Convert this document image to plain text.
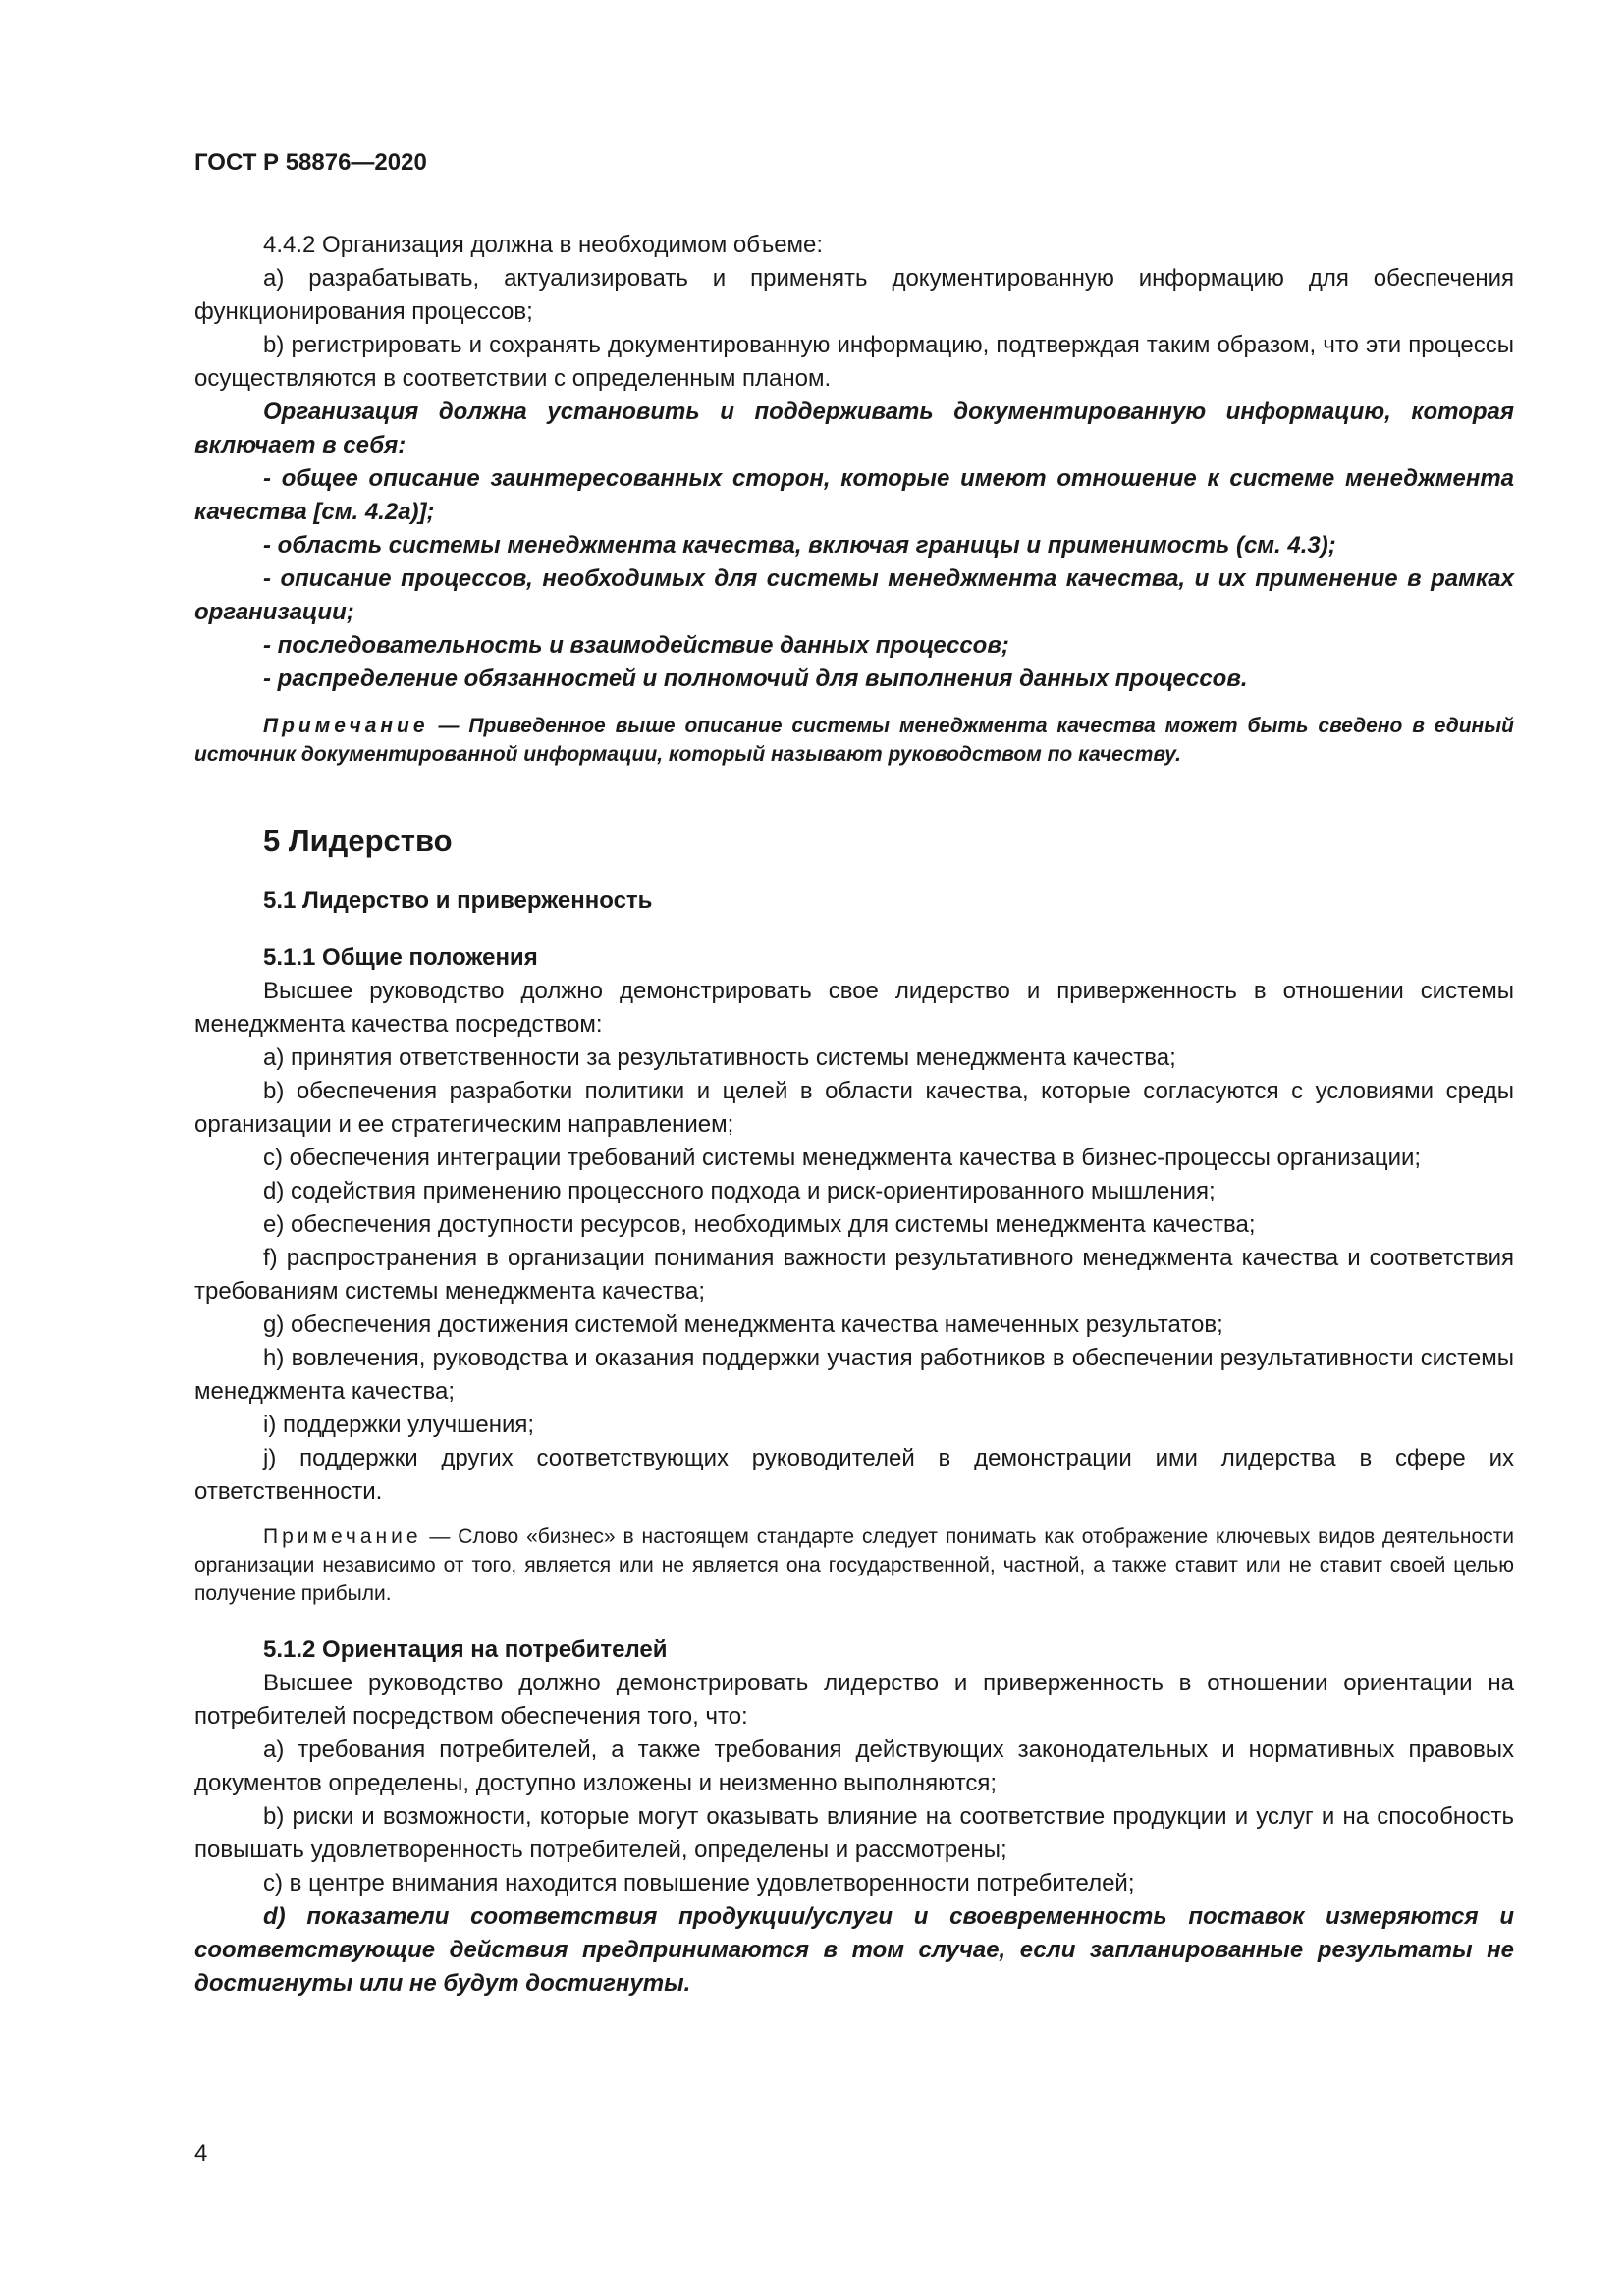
ГОСТ Р 58876—2020

4.4.2 Организация должна в необходимом объеме:

а) разрабатывать, актуализировать и применять документированную информацию для обеспечения функционирования процессов;

b) регистрировать и сохранять документированную информацию, подтверждая таким образом, что эти процессы осуществляются в соответствии с определенным планом.

Организация должна установить и поддерживать документированную информацию, которая включает в себя:

- общее описание заинтересованных сторон, которые имеют отношение к системе менеджмента качества [см. 4.2а)];

- область системы менеджмента качества, включая границы и применимость (см. 4.3);

- описание процессов, необходимых для системы менеджмента качества, и их применение в рамках организации;

- последовательность и взаимодействие данных процессов;

- распределение обязанностей и полномочий для выполнения данных процессов.

Примечание — Приведенное выше описание системы менеджмента качества может быть сведено в единый источник документированной информации, который называют руководством по качеству.

5 Лидерство
5.1 Лидерство и приверженность
5.1.1 Общие положения

Высшее руководство должно демонстрировать свое лидерство и приверженность в отношении системы менеджмента качества посредством:

а) принятия ответственности за результативность системы менеджмента качества;

b) обеспечения разработки политики и целей в области качества, которые согласуются с условиями среды организации и ее стратегическим направлением;

с) обеспечения интеграции требований системы менеджмента качества в бизнес-процессы организации;

d) содействия применению процессного подхода и риск-ориентированного мышления;

е) обеспечения доступности ресурсов, необходимых для системы менеджмента качества;

f) распространения в организации понимания важности результативного менеджмента качества и соответствия требованиям системы менеджмента качества;

g) обеспечения достижения системой менеджмента качества намеченных результатов;

h) вовлечения, руководства и оказания поддержки участия работников в обеспечении результативности системы менеджмента качества;

i) поддержки улучшения;

j) поддержки других соответствующих руководителей в демонстрации ими лидерства в сфере их ответственности.

Примечание — Слово «бизнес» в настоящем стандарте следует понимать как отображение ключевых видов деятельности организации независимо от того, является или не является она государственной, частной, а также ставит или не ставит своей целью получение прибыли.

5.1.2 Ориентация на потребителей

Высшее руководство должно демонстрировать лидерство и приверженность в отношении ориентации на потребителей посредством обеспечения того, что:

а) требования потребителей, а также требования действующих законодательных и нормативных правовых документов определены, доступно изложены и неизменно выполняются;

b) риски и возможности, которые могут оказывать влияние на соответствие продукции и услуг и на способность повышать удовлетворенность потребителей, определены и рассмотрены;

с) в центре внимания находится повышение удовлетворенности потребителей;

d) показатели соответствия продукции/услуги и своевременность поставок измеряются и соответствующие действия предпринимаются в том случае, если запланированные результаты не достигнуты или не будут достигнуты.

4
